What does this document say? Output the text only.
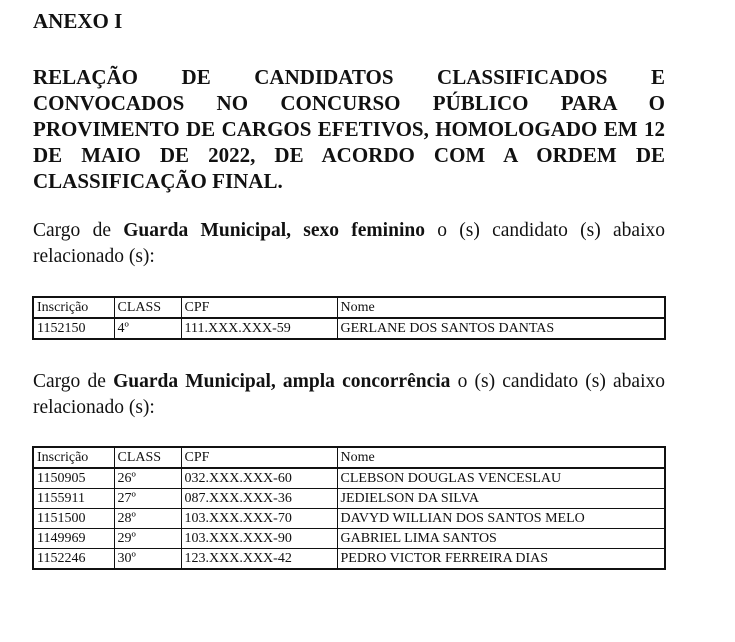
ANEXO I

RELAÇÃO DE CANDIDATOS CLASSIFICADOS E CONVOCADOS NO CONCURSO PÚBLICO PARA O PROVIMENTO DE CARGOS EFETIVOS, HOMOLOGADO EM 12 DE MAIO DE 2022, DE ACORDO COM A ORDEM DE CLASSIFICAÇÃO FINAL.

Cargo de Guarda Municipal, sexo feminino o (s) candidato (s) abaixo relacionado (s):

Inscrição	CLASS	CPF	Nome
1152150	4º	111.XXX.XXX-59	GERLANE DOS SANTOS DANTAS

Cargo de Guarda Municipal, ampla concorrência o (s) candidato (s) abaixo relacionado (s):

Inscrição	CLASS	CPF	Nome
1150905	26º	032.XXX.XXX-60	CLEBSON DOUGLAS VENCESLAU
1155911	27º	087.XXX.XXX-36	JEDIELSON DA SILVA
1151500	28º	103.XXX.XXX-70	DAVYD WILLIAN DOS SANTOS MELO
1149969	29º	103.XXX.XXX-90	GABRIEL LIMA SANTOS
1152246	30º	123.XXX.XXX-42	PEDRO VICTOR FERREIRA DIAS
